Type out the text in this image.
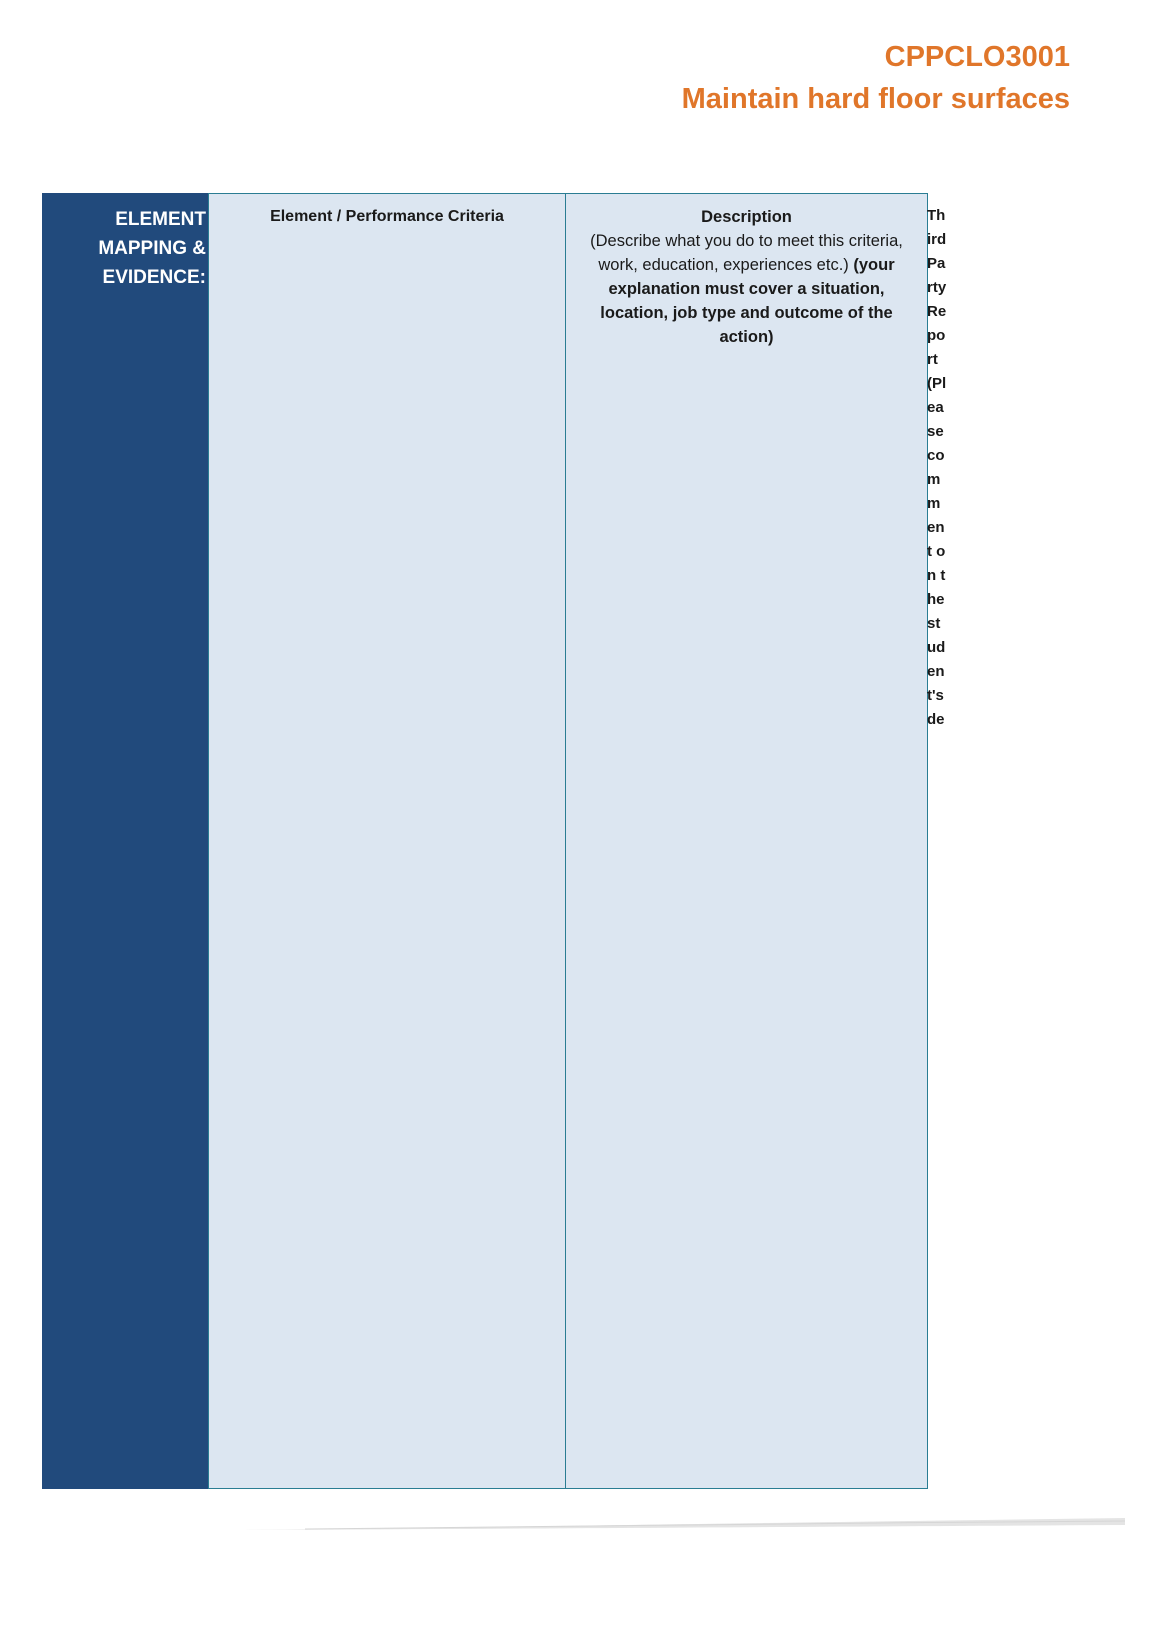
CPPCLO3001
Maintain hard floor surfaces
ELEMENT
MAPPING &
EVIDENCE:
Element / Performance Criteria	Description
(Describe what you do to meet this criteria, work, education, experiences etc.) (your explanation must cover a situation, location, job type and outcome of the action)
Third Party Report (Please comment on the student's de
